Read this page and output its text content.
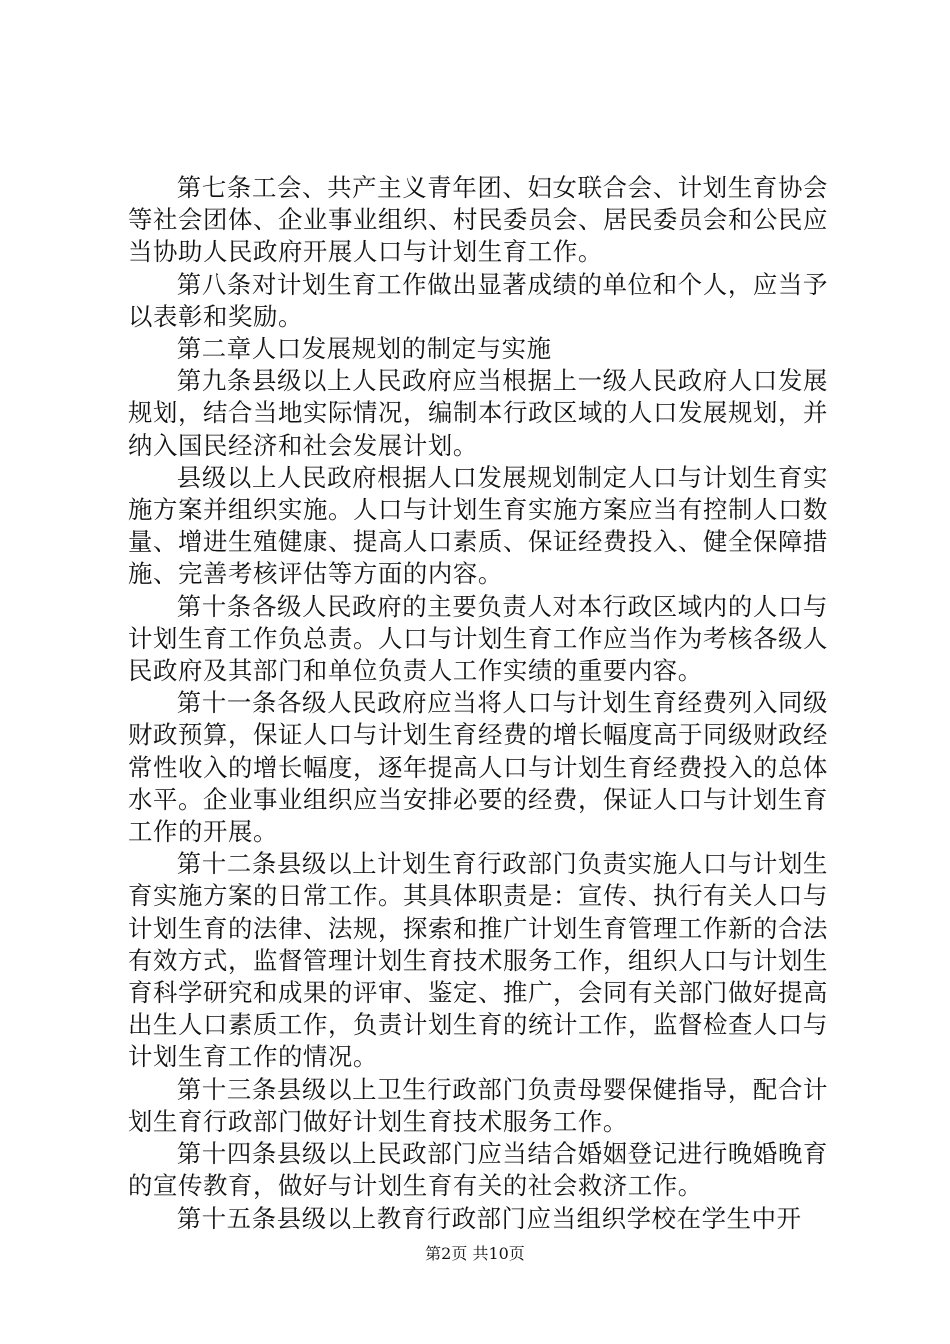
第七条工会、共产主义青年团、妇女联合会、计划生育协会等社会团体、企业事业组织、村民委员会、居民委员会和公民应当协助人民政府开展人口与计划生育工作。

第八条对计划生育工作做出显著成绩的单位和个人，应当予以表彰和奖励。

第二章人口发展规划的制定与实施

第九条县级以上人民政府应当根据上一级人民政府人口发展规划，结合当地实际情况，编制本行政区域的人口发展规划，并纳入国民经济和社会发展计划。

县级以上人民政府根据人口发展规划制定人口与计划生育实施方案并组织实施。人口与计划生育实施方案应当有控制人口数量、增进生殖健康、提高人口素质、保证经费投入、健全保障措施、完善考核评估等方面的内容。

第十条各级人民政府的主要负责人对本行政区域内的人口与计划生育工作负总责。人口与计划生育工作应当作为考核各级人民政府及其部门和单位负责人工作实绩的重要内容。

第十一条各级人民政府应当将人口与计划生育经费列入同级财政预算，保证人口与计划生育经费的增长幅度高于同级财政经常性收入的增长幅度，逐年提高人口与计划生育经费投入的总体水平。企业事业组织应当安排必要的经费，保证人口与计划生育工作的开展。

第十二条县级以上计划生育行政部门负责实施人口与计划生育实施方案的日常工作。其具体职责是：宣传、执行有关人口与计划生育的法律、法规，探索和推广计划生育管理工作新的合法有效方式，监督管理计划生育技术服务工作，组织人口与计划生育科学研究和成果的评审、鉴定、推广，会同有关部门做好提高出生人口素质工作，负责计划生育的统计工作，监督检查人口与计划生育工作的情况。

第十三条县级以上卫生行政部门负责母婴保健指导，配合计划生育行政部门做好计划生育技术服务工作。

第十四条县级以上民政部门应当结合婚姻登记进行晚婚晚育的宣传教育，做好与计划生育有关的社会救济工作。

第十五条县级以上教育行政部门应当组织学校在学生中开

第2页 共10页
